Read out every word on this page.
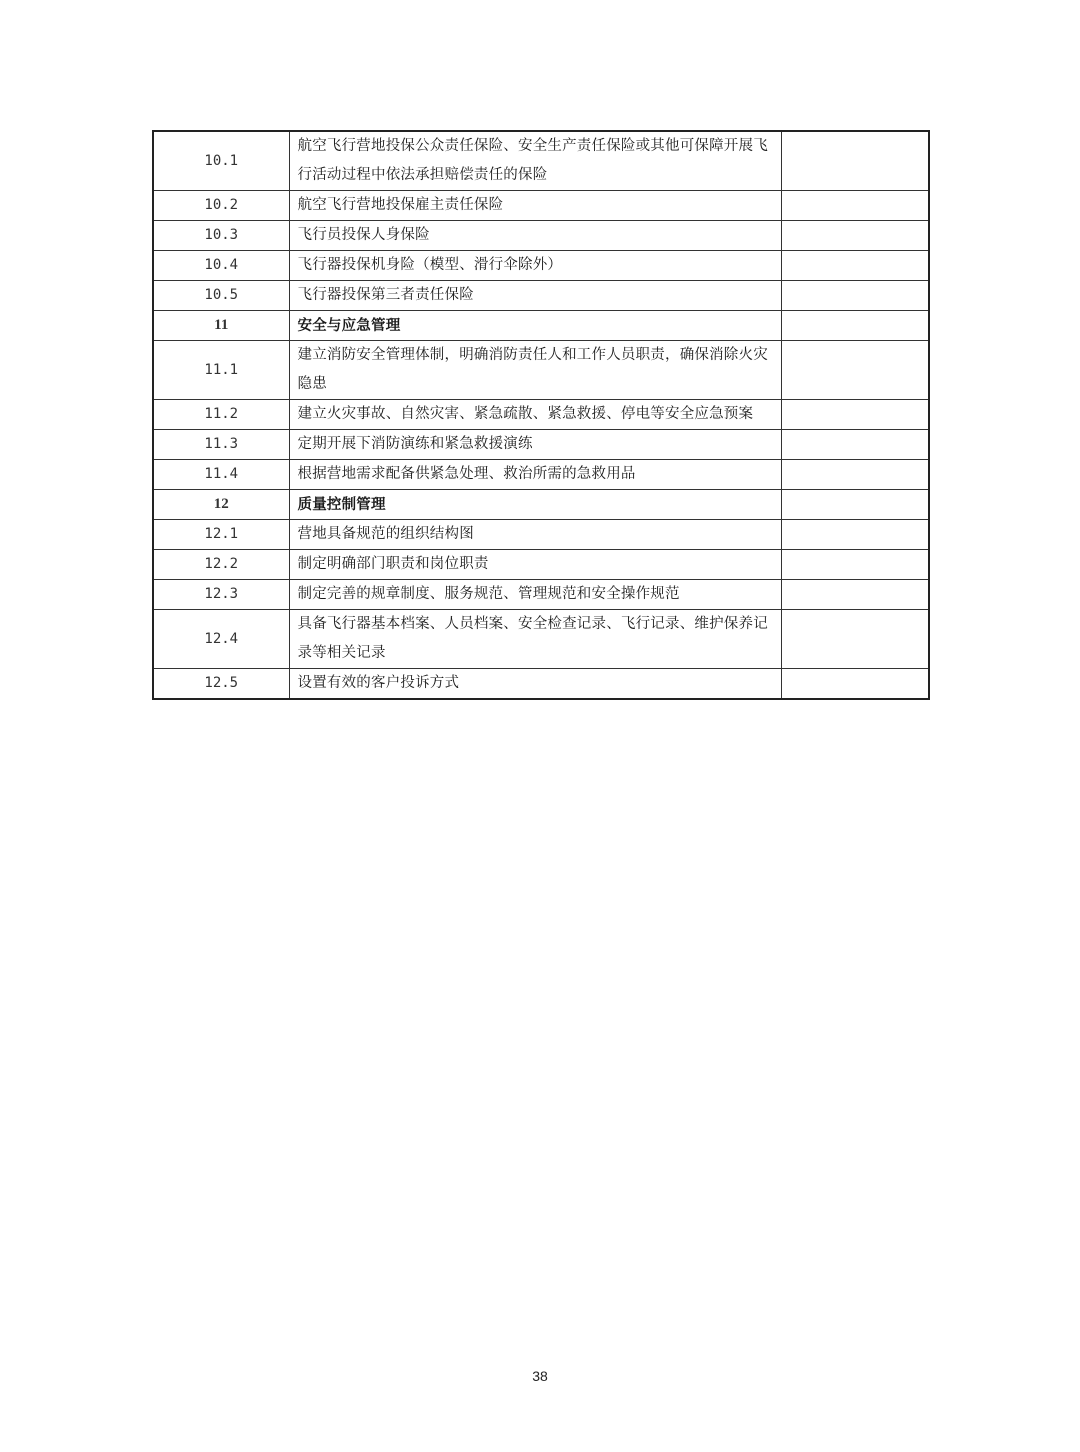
10.1	航空飞行营地投保公众责任保险、安全生产责任保险或其他可保障开展飞行活动过程中依法承担赔偿责任的保险	
10.2	航空飞行营地投保雇主责任保险	
10.3	飞行员投保人身保险	
10.4	飞行器投保机身险（模型、滑行伞除外）	
10.5	飞行器投保第三者责任保险	
11	安全与应急管理	
11.1	建立消防安全管理体制，明确消防责任人和工作人员职责，确保消除火灾隐患	
11.2	建立火灾事故、自然灾害、紧急疏散、紧急救援、停电等安全应急预案	
11.3	定期开展下消防演练和紧急救援演练	
11.4	根据营地需求配备供紧急处理、救治所需的急救用品	
12	质量控制管理	
12.1	营地具备规范的组织结构图	
12.2	制定明确部门职责和岗位职责	
12.3	制定完善的规章制度、服务规范、管理规范和安全操作规范	
12.4	具备飞行器基本档案、人员档案、安全检查记录、飞行记录、维护保养记录等相关记录	
12.5	设置有效的客户投诉方式	
38
